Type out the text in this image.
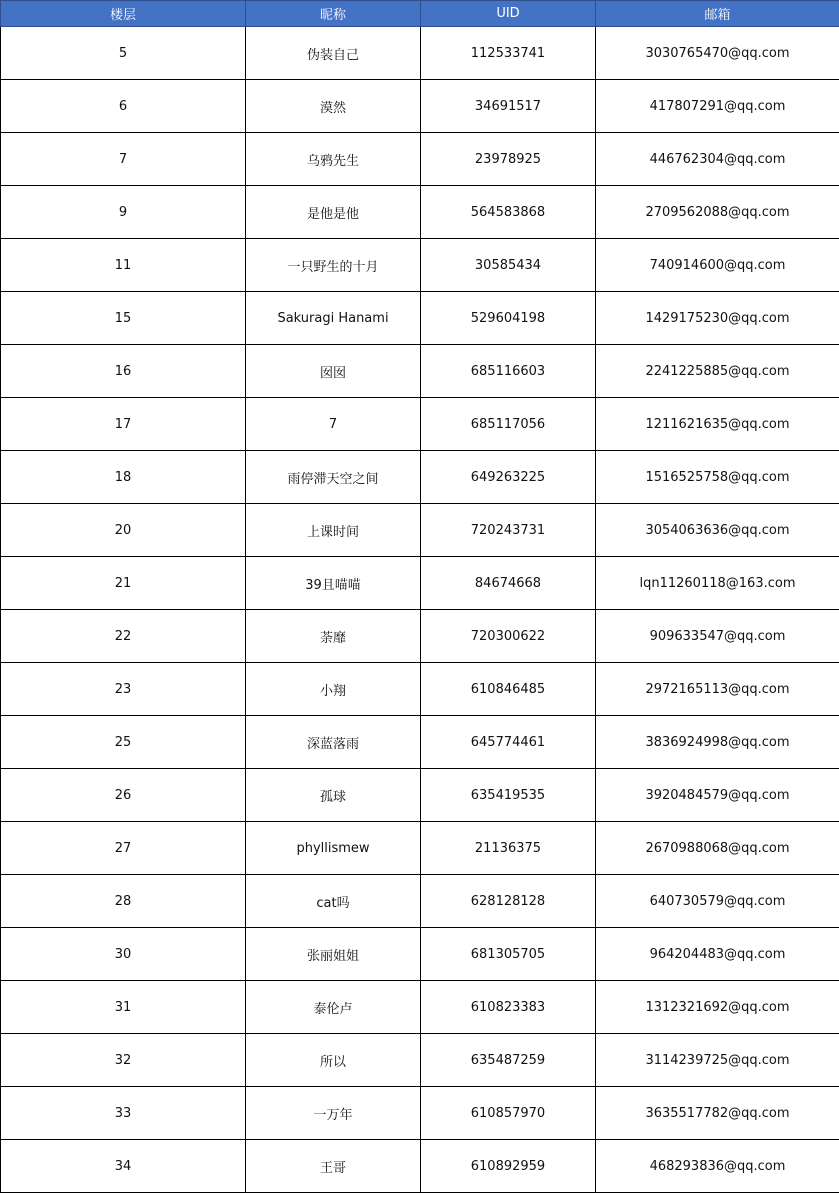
楼层	昵称	UID	邮箱
5	伪装自己	112533741	3030765470@qq.com
6	漠然	34691517	417807291@qq.com
7	乌鸦先生	23978925	446762304@qq.com
9	是他是他	564583868	2709562088@qq.com
11	一只野生的十月	30585434	740914600@qq.com
15	Sakuragi Hanami	529604198	1429175230@qq.com
16	囡囡	685116603	2241225885@qq.com
17	7	685117056	1211621635@qq.com
18	雨停滞天空之间	649263225	1516525758@qq.com
20	上课时间	720243731	3054063636@qq.com
21	39且喵喵	84674668	lqn11260118@163.com
22	荼靡	720300622	909633547@qq.com
23	小翔	610846485	2972165113@qq.com
25	深蓝落雨	645774461	3836924998@qq.com
26	孤球	635419535	3920484579@qq.com
27	phyllismew	21136375	2670988068@qq.com
28	cat吗	628128128	640730579@qq.com
30	张丽姐姐	681305705	964204483@qq.com
31	泰伦卢	610823383	1312321692@qq.com
32	所以	635487259	3114239725@qq.com
33	一万年	610857970	3635517782@qq.com
34	王哥	610892959	468293836@qq.com
